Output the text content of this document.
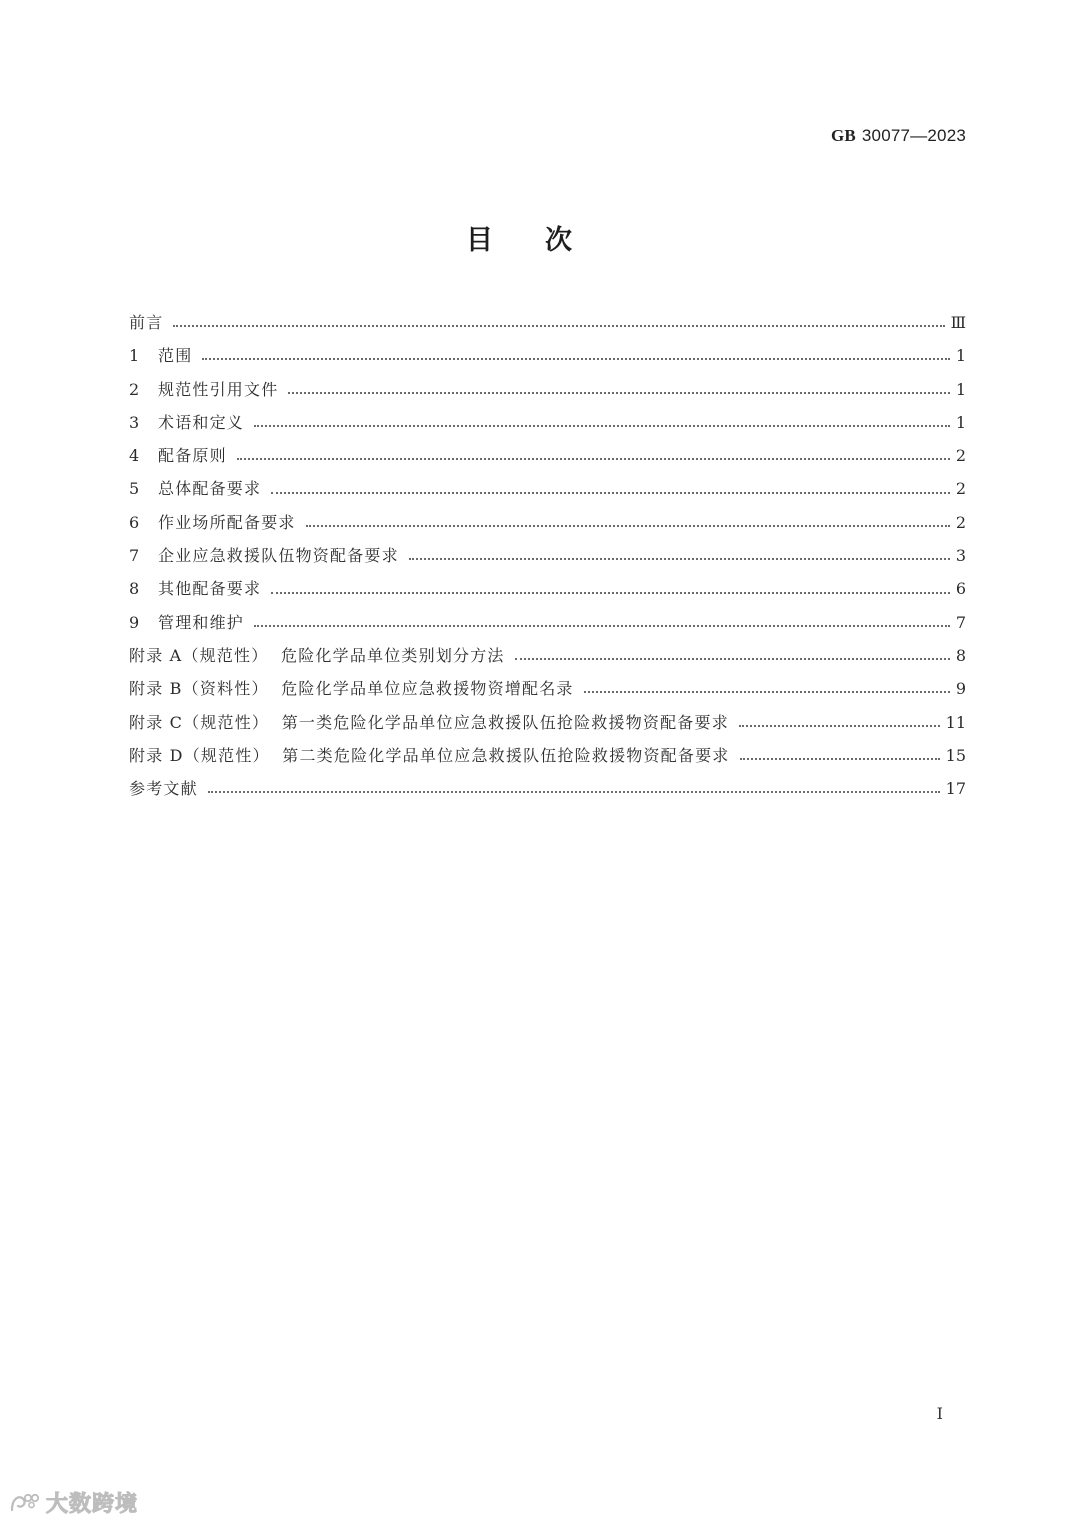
GB 30077—2023
目次
前言	Ⅲ
1 范围	1
2 规范性引用文件	1
3 术语和定义	1
4 配备原则	2
5 总体配备要求	2
6 作业场所配备要求	2
7 企业应急救援队伍物资配备要求	3
8 其他配备要求	6
9 管理和维护	7
附录 A（规范性）  危险化学品单位类别划分方法	8
附录 B（资料性）  危险化学品单位应急救援物资增配名录	9
附录 C（规范性）  第一类危险化学品单位应急救援队伍抢险救援物资配备要求	11
附录 D（规范性）  第二类危险化学品单位应急救援队伍抢险救援物资配备要求	15
参考文献	17
I
大数跨境
